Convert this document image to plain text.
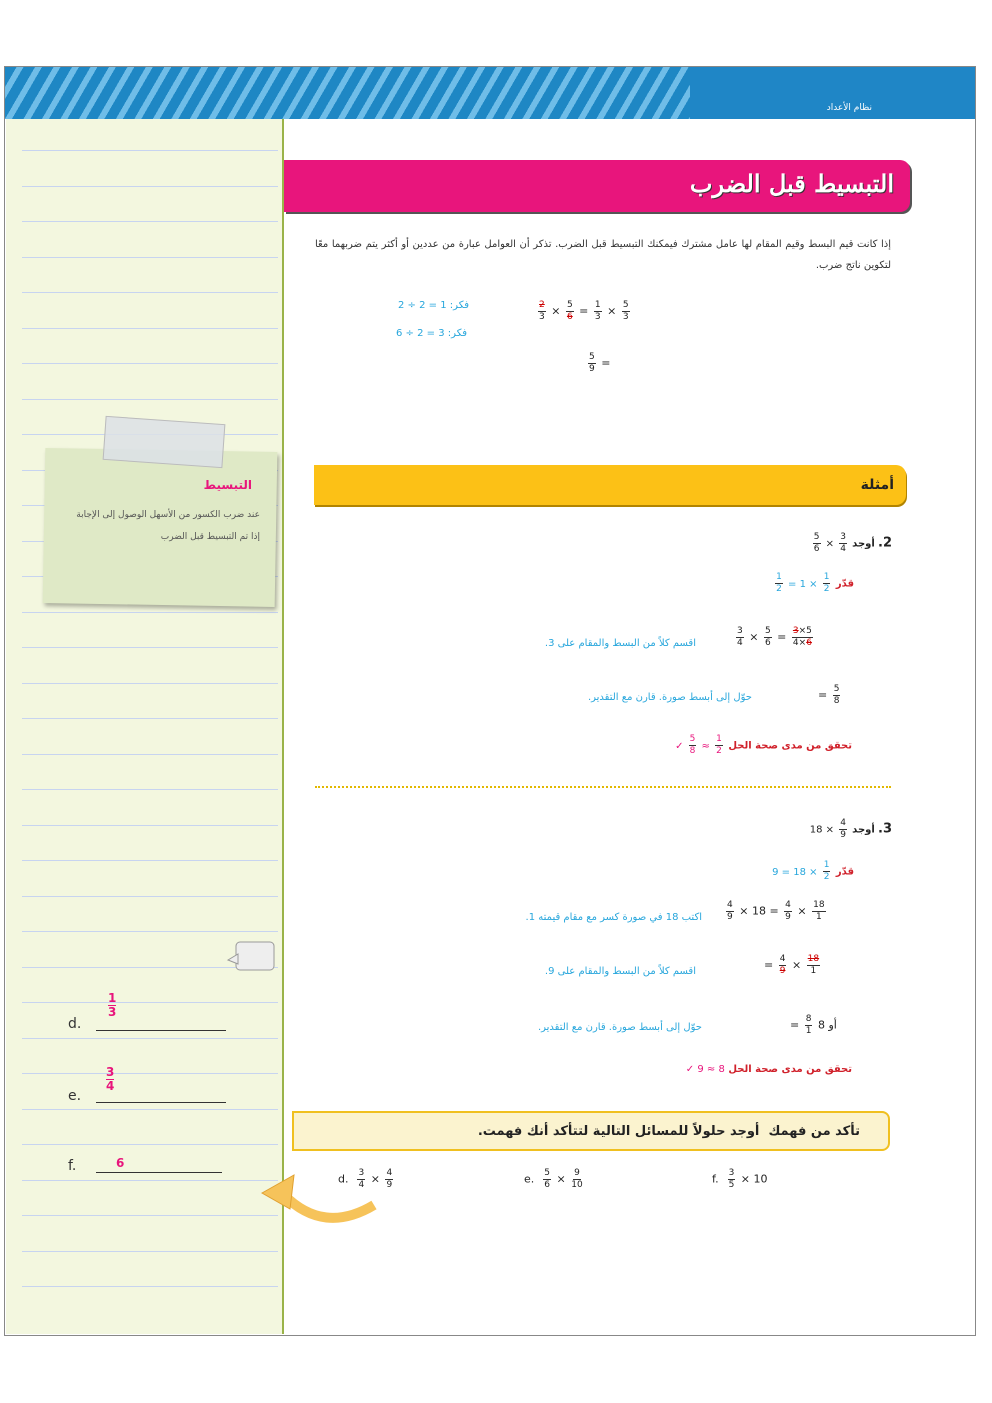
نظام الأعداد
التبسيط
عند ضرب الكسور من الأسهل الوصول إلى الإجابة إذا تم التبسيط قبل الضرب
d.
1
3
e.
3
4
f.	6
التبسيط قبل الضرب
إذا كانت قيم البسط وقيم المقام لها عامل مشترك فيمكنك التبسيط قبل الضرب. تذكر أن العوامل عبارة من عددين أو أكثر يتم ضربهما معًا لتكوين ناتج ضرب.
فكر: 1 = 2 ÷ 2
فكر: 3 = 2 ÷ 6
$\frac{2}{3} \times \frac{5}{6} = \frac{1}{3} \times \frac{5}{3}$
$\frac{5}{9}$ =
أمثلة
2. أوجد
$\frac{3}{4}$
×
$\frac{5}{6}$
قدّر
$\frac{1}{2}$
× 1 =
$\frac{1}{2}$
اقسم كلاً من البسط والمقام على 3.	$\frac{3}{4} \times \frac{5}{6} = \frac{3\times 5}{4\times 6}$
حوّل إلى أبسط صورة. قارن مع التقدير.	= $\frac{5}{8}$
تحقق من مدى صحة الحل
$\frac{1}{2}$
≈
$\frac{5}{8}$
✓
3. أوجد
$\frac{4}{9}$
× 18
قدّر
$\frac{1}{2}$
× 18 = 9
اكتب 18 في صورة كسر مع مقام قيمته 1.	$\frac{4}{9} \times 18 = \frac{4}{9} \times \frac{18}{1}$
اقسم كلاً من البسط والمقام على 9.	= $\frac{4}{9} \times \frac{18}{1}$
حوّل إلى أبسط صورة. قارن مع التقدير.	= $\frac{8}{1}$ أو 8
تحقق من مدى صحة الحل 8 ≈ 9 ✓
تأكد من فهمك  أوجد حلولاً للمسائل التالية لتتأكد أنك فهمت.
d. $\frac{3}{4} \times \frac{4}{9}$	e. $\frac{5}{6} \times \frac{9}{10}$	f. $\frac{3}{5} \times 10$
